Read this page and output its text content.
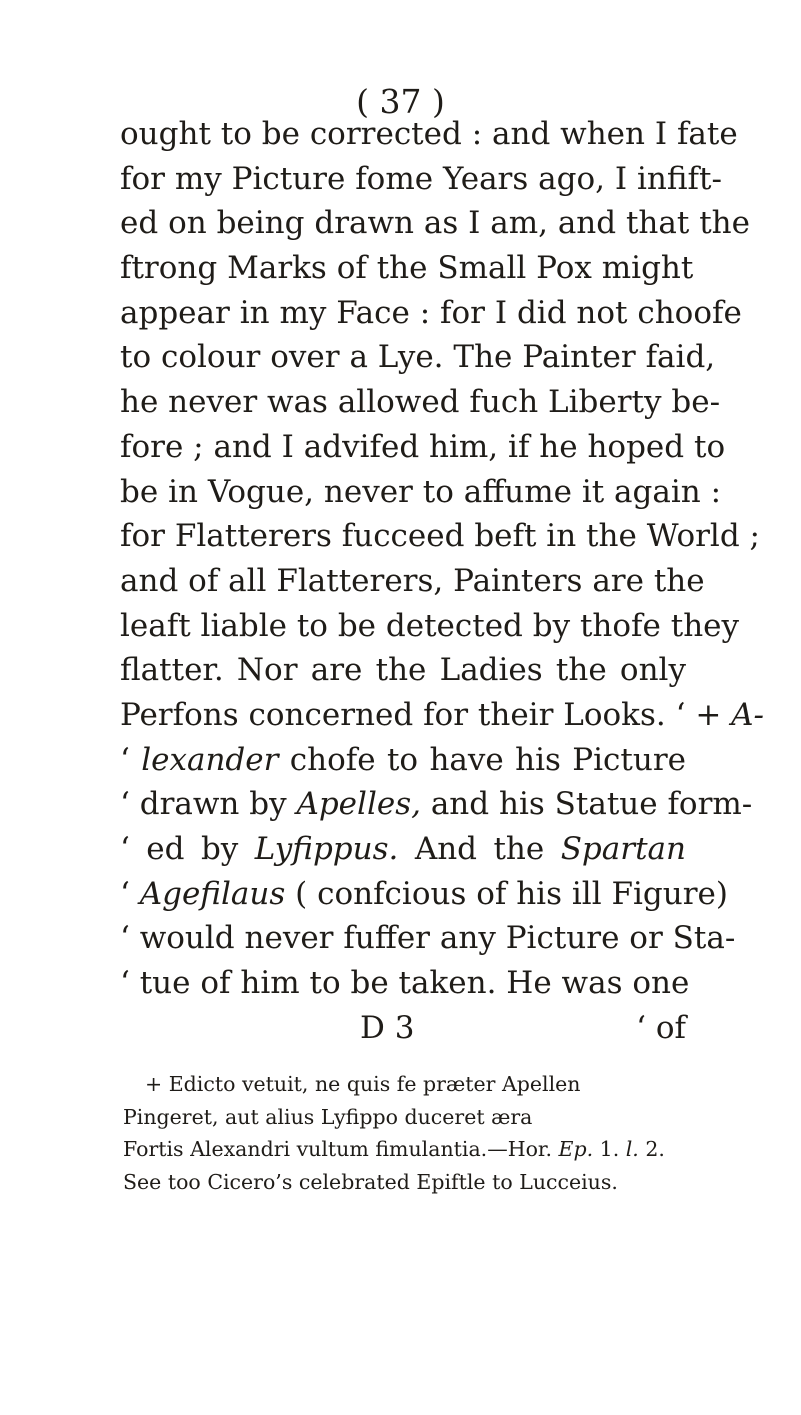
( 37 )
ought to be corrected : and when I fate
for my Picture fome Years ago, I infift-
ed on being drawn as I am, and that the
ftrong Marks of the Small Pox might
appear in my Face : for I did not choofe
to colour over a Lye. The Painter faid,
he never was allowed fuch Liberty be-
fore ; and I advifed him, if he hoped to
be in Vogue, never to affume it again :
for Flatterers fucceed beft in the World ;
and of all Flatterers, Painters are the
leaft liable to be detected by thofe they
flatter. Nor are the Ladies the only
Perfons concerned for their Looks. ‘ + A-
‘ lexander chofe to have his Picture
‘ drawn by Apelles, and his Statue form-
‘ ed by Lyfippus. And the Spartan
‘ Agefilaus ( confcious of his ill Figure)
‘ would never fuffer any Picture or Sta-
‘ tue of him to be taken. He was one
D 3	‘ of
+ Edicto vetuit, ne quis fe præter Apellen
Pingeret, aut alius Lyfippo duceret æra
Fortis Alexandri vultum fimulantia.—Hor. Ep. 1. l. 2.
See too Cicero’s celebrated Epiftle to Lucceius.
